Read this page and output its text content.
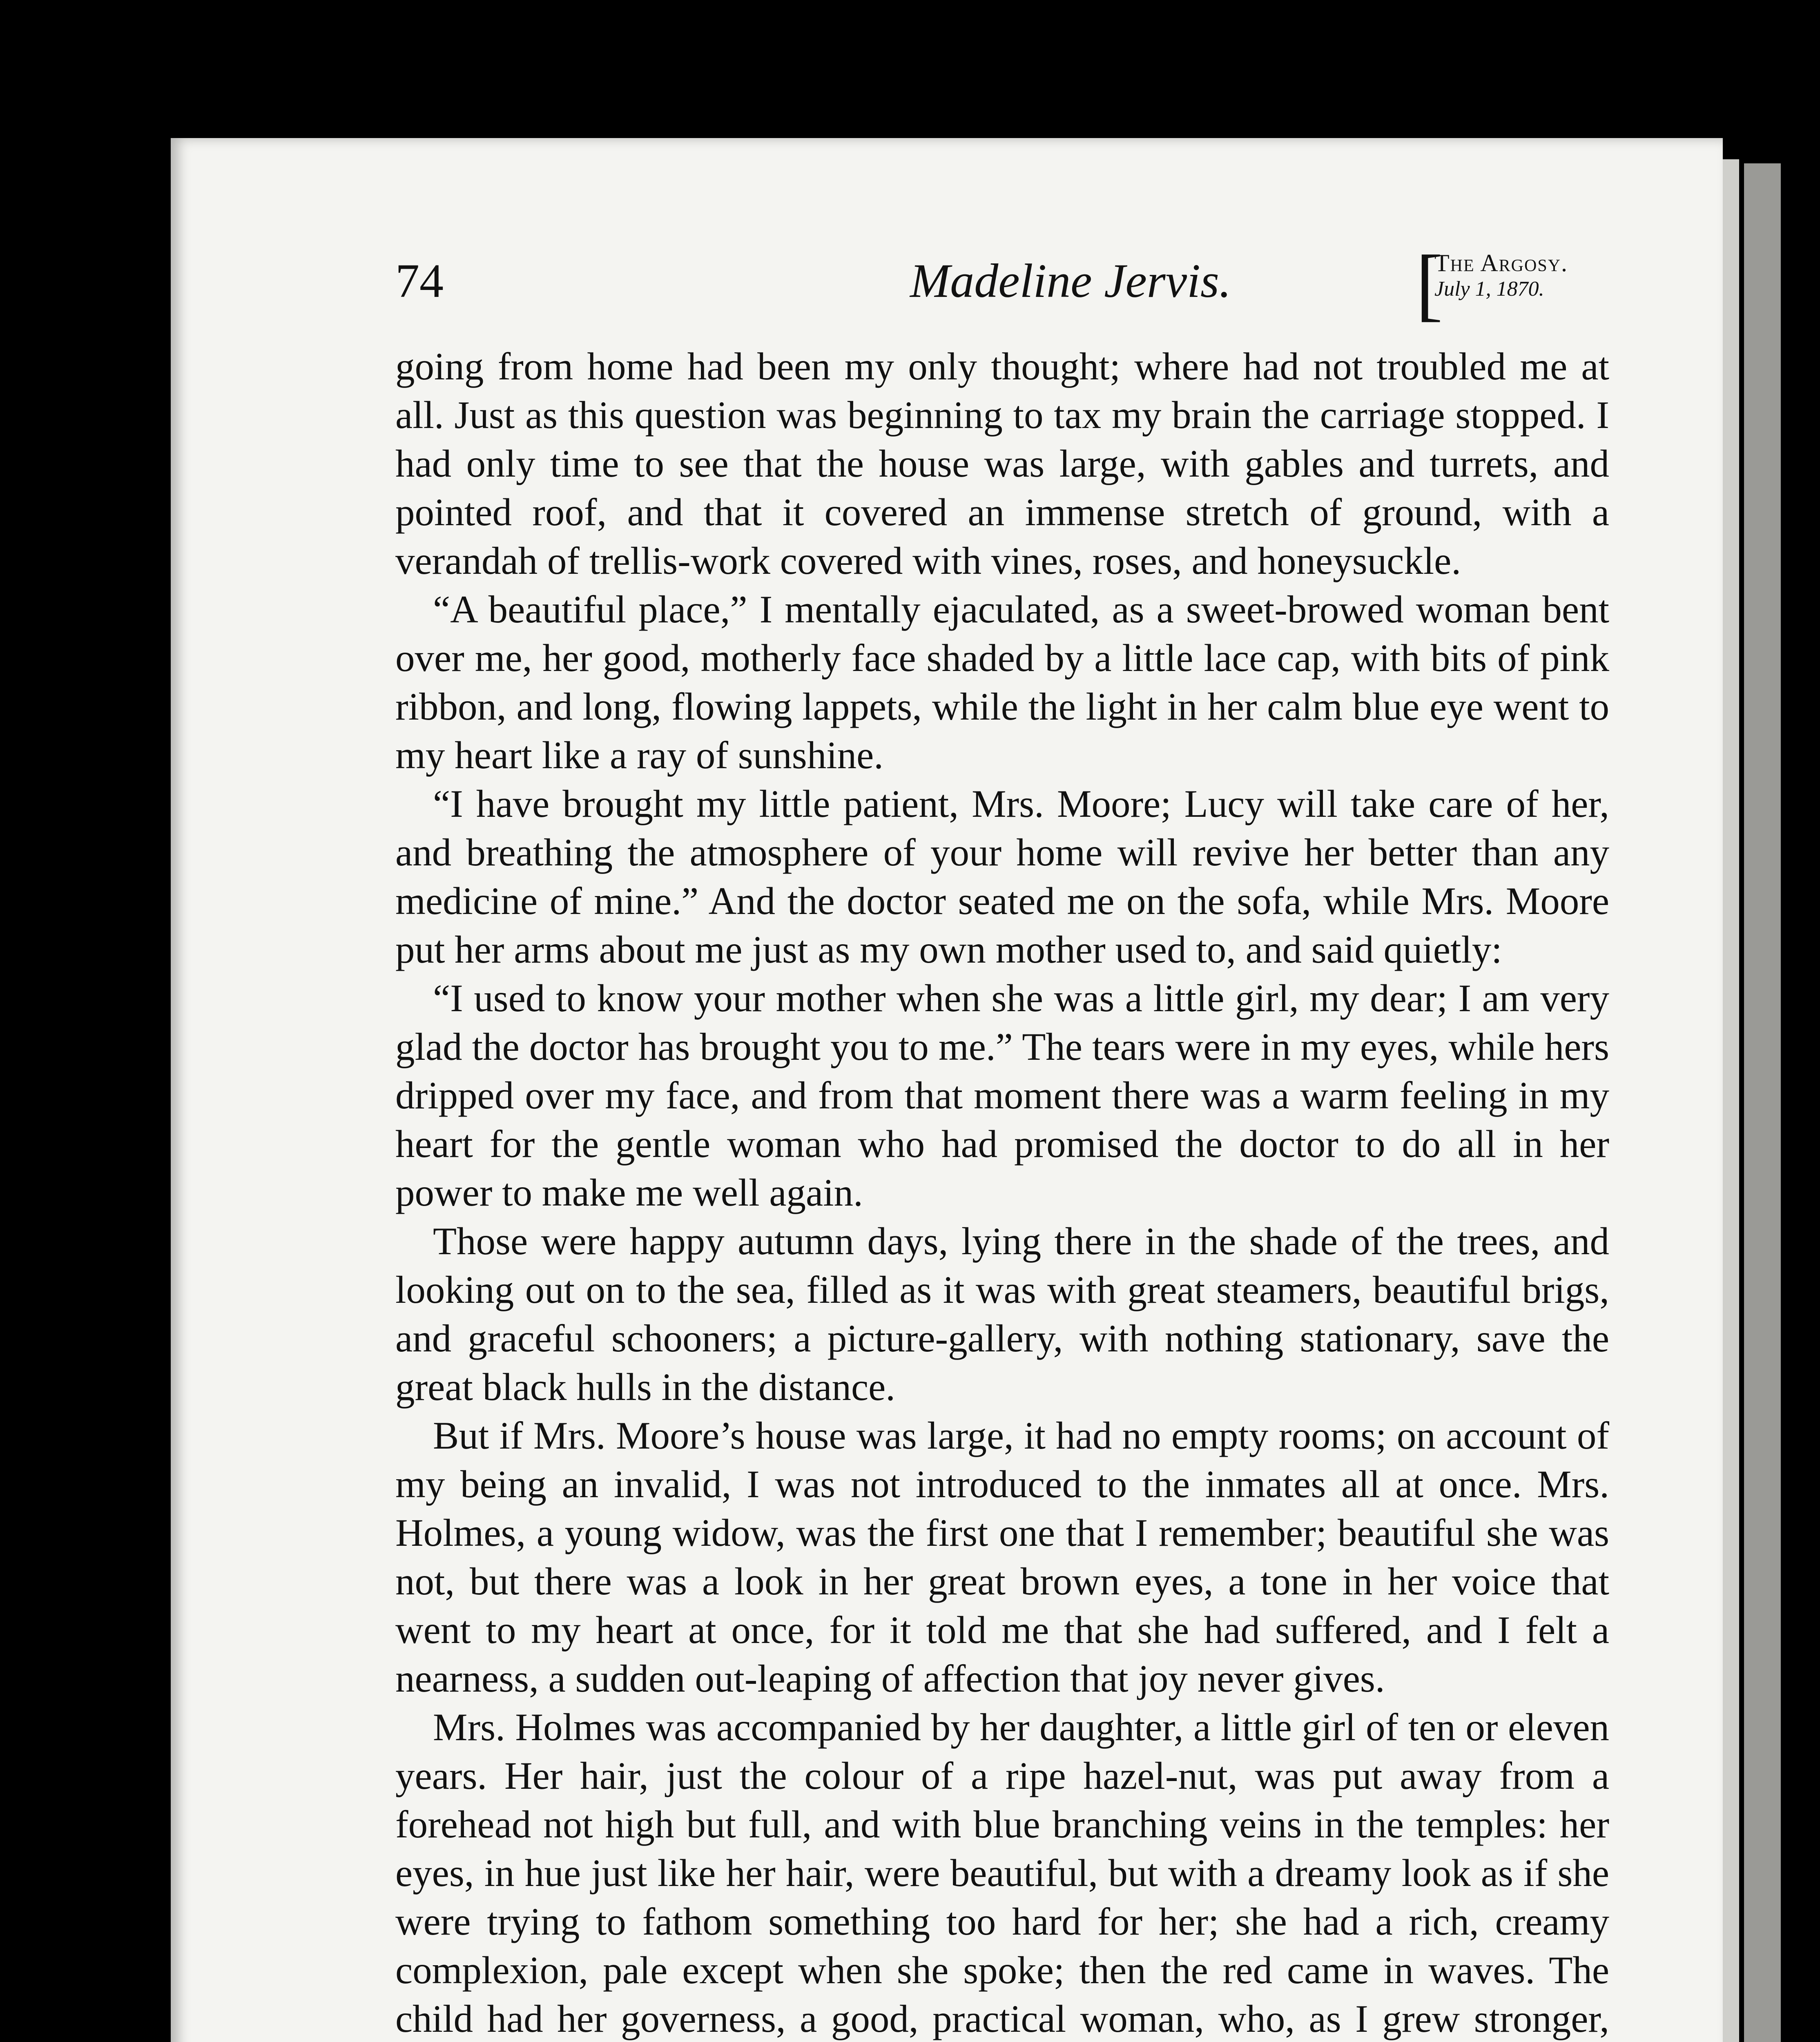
74	Madeline Jervis. [
The Argosy.
July 1, 1870.

going from home had been my only thought; where had not troubled me at all. Just as this question was beginning to tax my brain the carriage stopped. I had only time to see that the house was large, with gables and turrets, and pointed roof, and that it covered an immense stretch of ground, with a verandah of trellis-work covered with vines, roses, and honeysuckle.

“A beautiful place,” I mentally ejaculated, as a sweet-browed woman bent over me, her good, motherly face shaded by a little lace cap, with bits of pink ribbon, and long, flowing lappets, while the light in her calm blue eye went to my heart like a ray of sunshine.

“I have brought my little patient, Mrs. Moore; Lucy will take care of her, and breathing the atmosphere of your home will revive her better than any medicine of mine.” And the doctor seated me on the sofa, while Mrs. Moore put her arms about me just as my own mother used to, and said quietly:

“I used to know your mother when she was a little girl, my dear; I am very glad the doctor has brought you to me.” The tears were in my eyes, while hers dripped over my face, and from that moment there was a warm feeling in my heart for the gentle woman who had promised the doctor to do all in her power to make me well again.

Those were happy autumn days, lying there in the shade of the trees, and looking out on to the sea, filled as it was with great steamers, beautiful brigs, and graceful schooners; a picture-gallery, with nothing stationary, save the great black hulls in the distance.

But if Mrs. Moore’s house was large, it had no empty rooms; on account of my being an invalid, I was not introduced to the inmates all at once. Mrs. Holmes, a young widow, was the first one that I remember; beautiful she was not, but there was a look in her great brown eyes, a tone in her voice that went to my heart at once, for it told me that she had suffered, and I felt a nearness, a sudden out-leaping of affection that joy never gives.

Mrs. Holmes was accompanied by her daughter, a little girl of ten or eleven years. Her hair, just the colour of a ripe hazel-nut, was put away from a forehead not high but full, and with blue branching veins in the temples: her eyes, in hue just like her hair, were beautiful, but with a dreamy look as if she were trying to fathom something too hard for her; she had a rich, creamy complexion, pale except when she spoke; then the red came in waves. The child had her governess, a good, practical woman, who, as I grew stronger,
